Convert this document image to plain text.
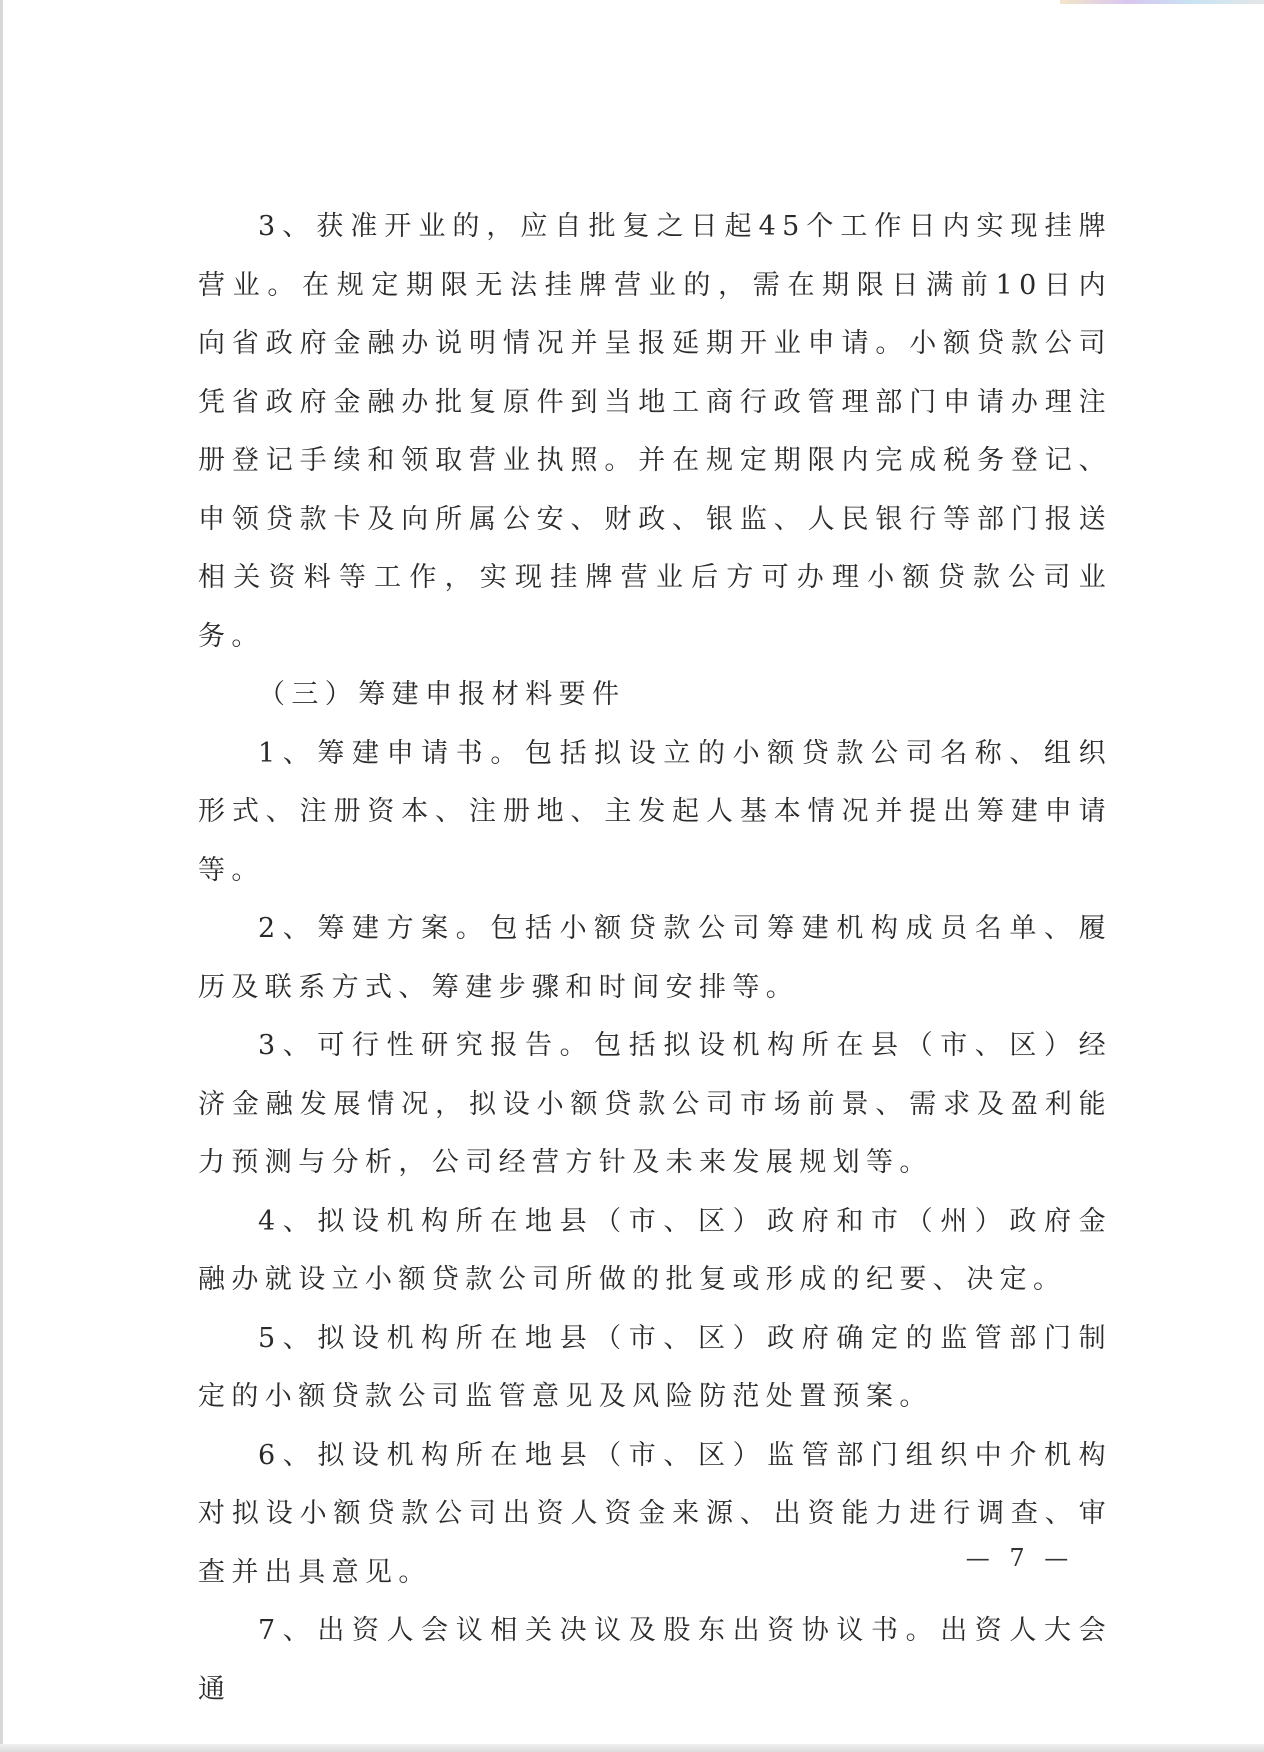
3、获准开业的，应自批复之日起45个工作日内实现挂牌营业。在规定期限无法挂牌营业的，需在期限日满前10日内向省政府金融办说明情况并呈报延期开业申请。小额贷款公司凭省政府金融办批复原件到当地工商行政管理部门申请办理注册登记手续和领取营业执照。并在规定期限内完成税务登记、申领贷款卡及向所属公安、财政、银监、人民银行等部门报送相关资料等工作，实现挂牌营业后方可办理小额贷款公司业务。

（三）筹建申报材料要件

1、筹建申请书。包括拟设立的小额贷款公司名称、组织形式、注册资本、注册地、主发起人基本情况并提出筹建申请等。

2、筹建方案。包括小额贷款公司筹建机构成员名单、履历及联系方式、筹建步骤和时间安排等。

3、可行性研究报告。包括拟设机构所在县（市、区）经济金融发展情况，拟设小额贷款公司市场前景、需求及盈利能力预测与分析，公司经营方针及未来发展规划等。

4、拟设机构所在地县（市、区）政府和市（州）政府金融办就设立小额贷款公司所做的批复或形成的纪要、决定。

5、拟设机构所在地县（市、区）政府确定的监管部门制定的小额贷款公司监管意见及风险防范处置预案。

6、拟设机构所在地县（市、区）监管部门组织中介机构对拟设小额贷款公司出资人资金来源、出资能力进行调查、审查并出具意见。

7、出资人会议相关决议及股东出资协议书。出资人大会通

— 7 —
